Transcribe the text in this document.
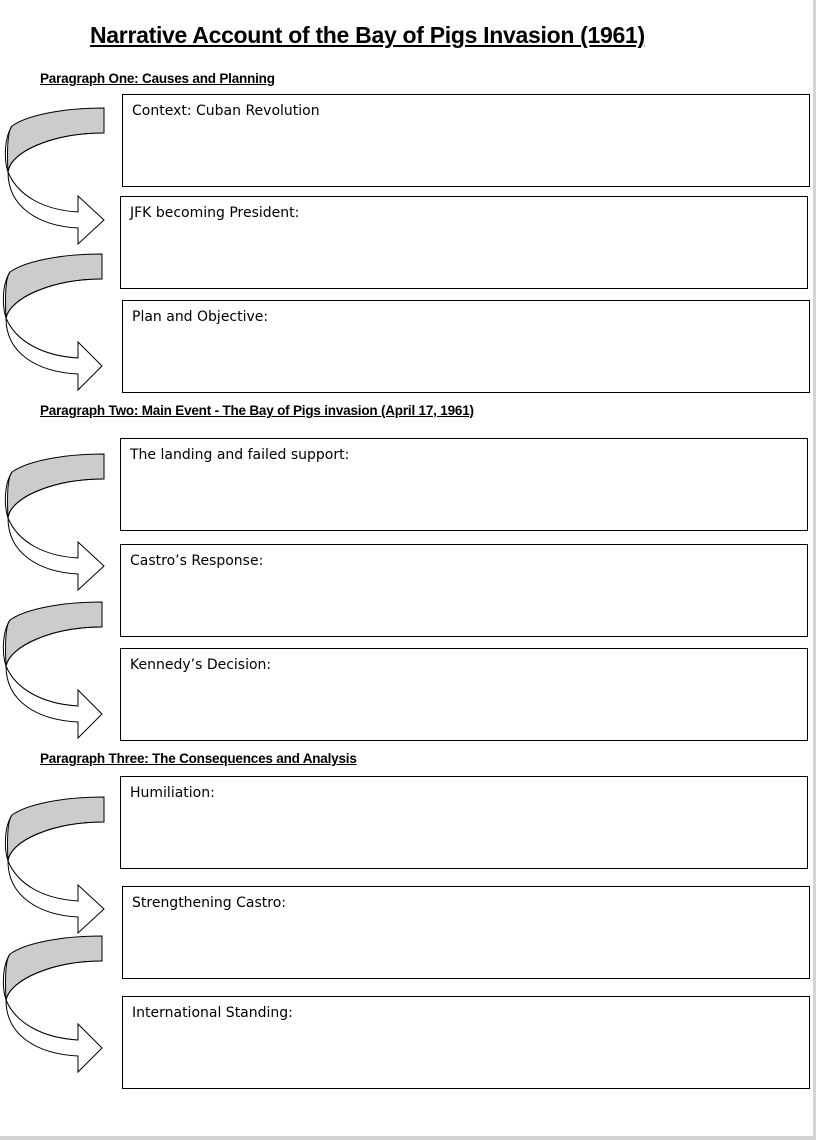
Narrative Account of the Bay of Pigs Invasion (1961)
Paragraph One: Causes and Planning
Context: Cuban Revolution
JFK becoming President:
Plan and Objective:
Paragraph Two: Main Event - The Bay of Pigs invasion (April 17, 1961)
The landing and failed support:
Castro’s Response:
Kennedy’s Decision:
Paragraph Three: The Consequences and Analysis
Humiliation:
Strengthening Castro:
International Standing:
